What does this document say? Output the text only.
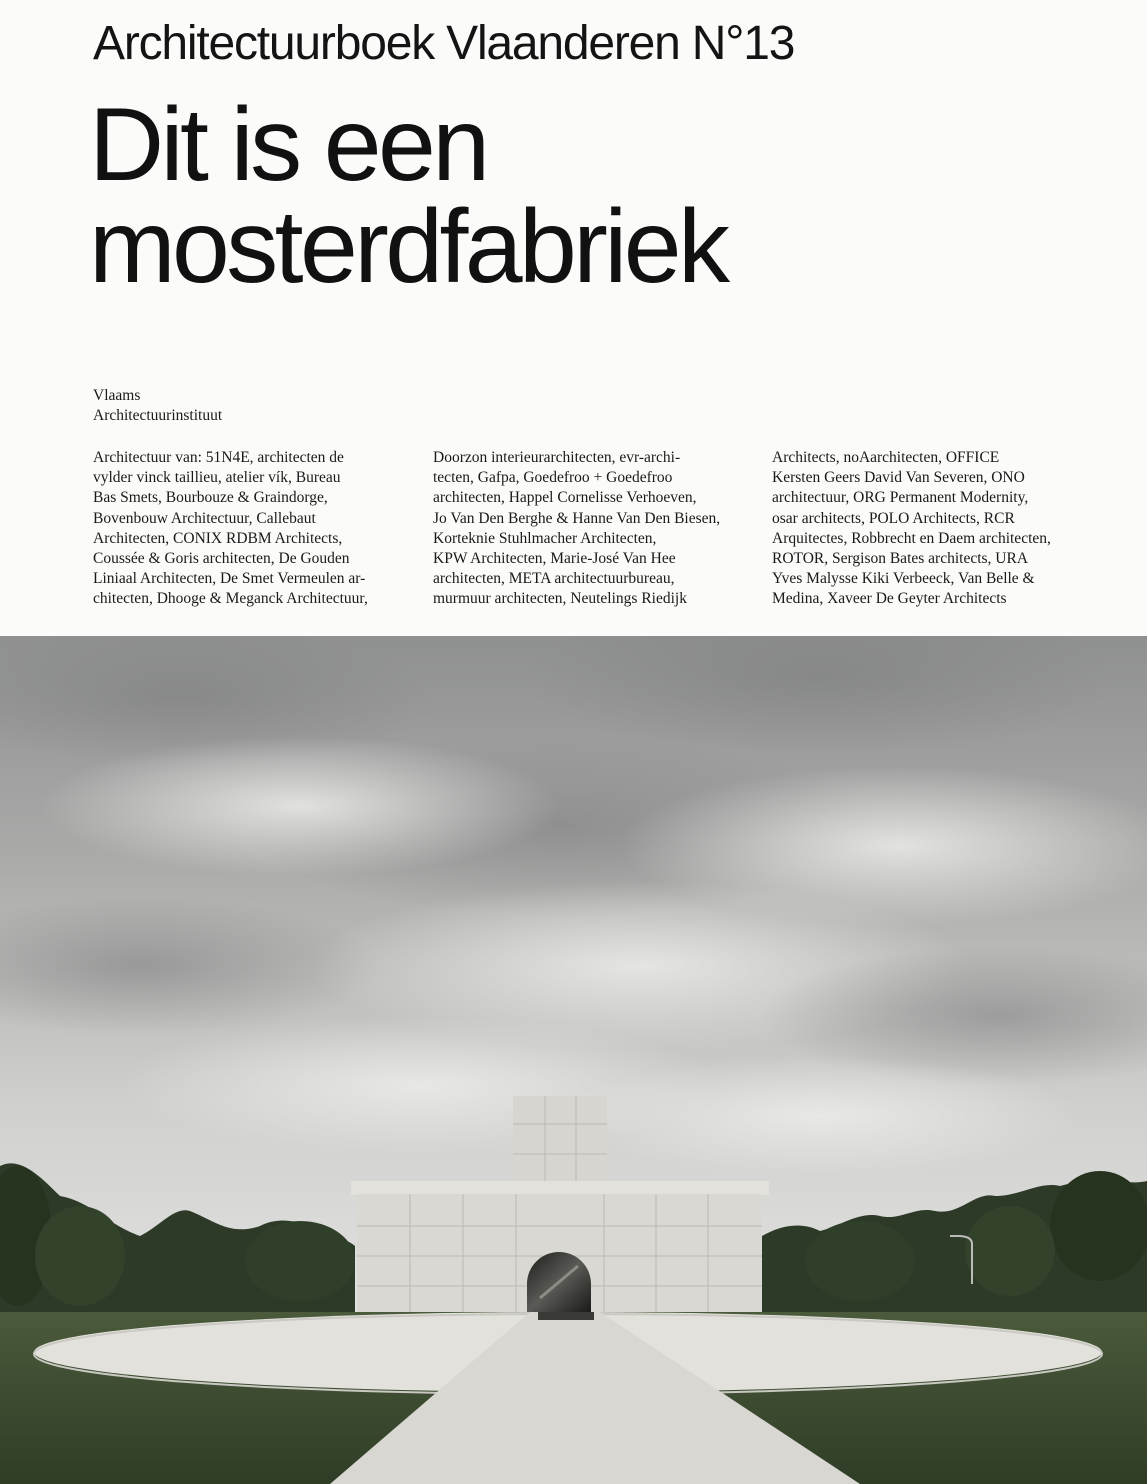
Architectuurboek Vlaanderen N°13
Dit is een
mosterdfabriek
Vlaams
Architectuurinstituut
Architectuur van: 51N4E, architecten de
vylder vinck taillieu, atelier vík, Bureau
Bas Smets, Bourbouze & Graindorge,
Bovenbouw Architectuur, Callebaut
Architecten, CONIX RDBM Architects,
Coussée & Goris architecten, De Gouden
Liniaal Architecten, De Smet Vermeulen ar-
chitecten, Dhooge & Meganck Architectuur,
Doorzon interieurarchitecten, evr-archi-
tecten, Gafpa, Goedefroo + Goedefroo
architecten, Happel Cornelisse Verhoeven,
Jo Van Den Berghe & Hanne Van Den Biesen,
Korteknie Stuhlmacher Architecten,
KPW Architecten, Marie-José Van Hee
architecten, META architectuurbureau,
murmuur architecten, Neutelings Riedijk
Architects, noAarchitecten, OFFICE
Kersten Geers David Van Severen, ONO
architectuur, ORG Permanent Modernity,
osar architects, POLO Architects, RCR
Arquitectes, Robbrecht en Daem architecten,
ROTOR, Sergison Bates architects, URA
Yves Malysse Kiki Verbeeck, Van Belle &
Medina, Xaveer De Geyter Architects
